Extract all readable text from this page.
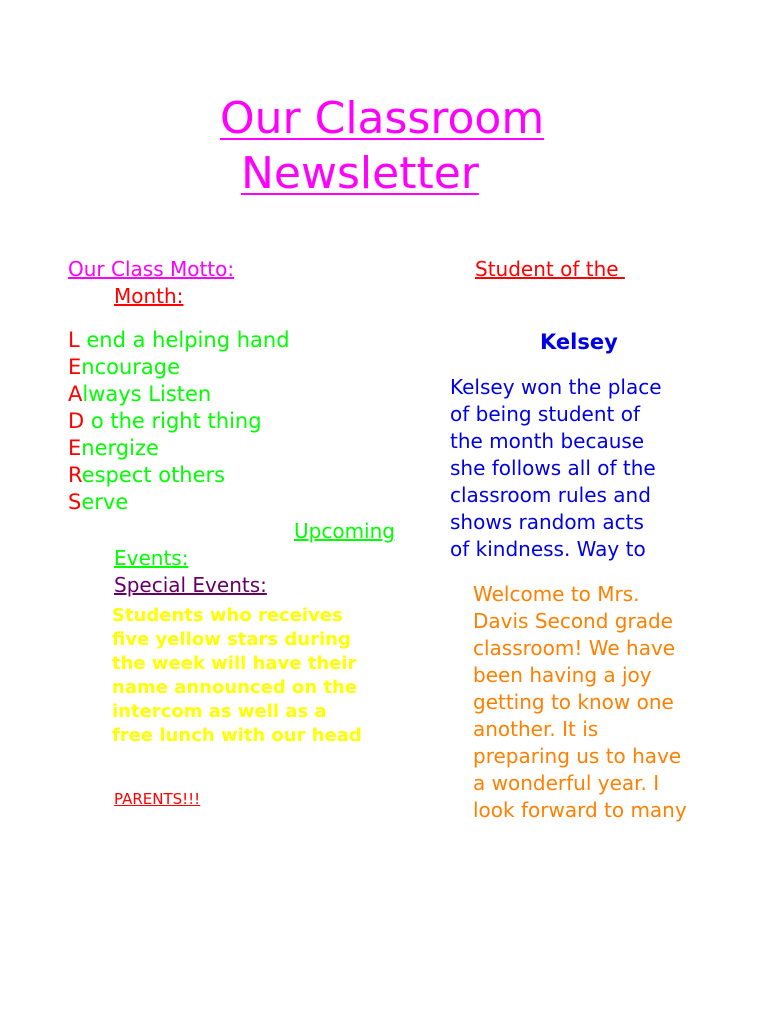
Our Classroom
Newsletter
Our Class Motto:	Student of the
Month:
L end a helping hand
Encourage
Always Listen
D o the right thing
Energize
Respect others
Serve
Upcoming
Events:
Special Events:
Students who receives
five yellow stars during
the week will have their
name announced on the
intercom as well as a
free lunch with our head
PARENTS!!!
Kelsey
Kelsey won the place
of being student of
the month because
she follows all of the
classroom rules and
shows random acts
of kindness. Way to
Welcome to Mrs.
Davis Second grade
classroom! We have
been having a joy
getting to know one
another. It is
preparing us to have
a wonderful year. I
look forward to many
